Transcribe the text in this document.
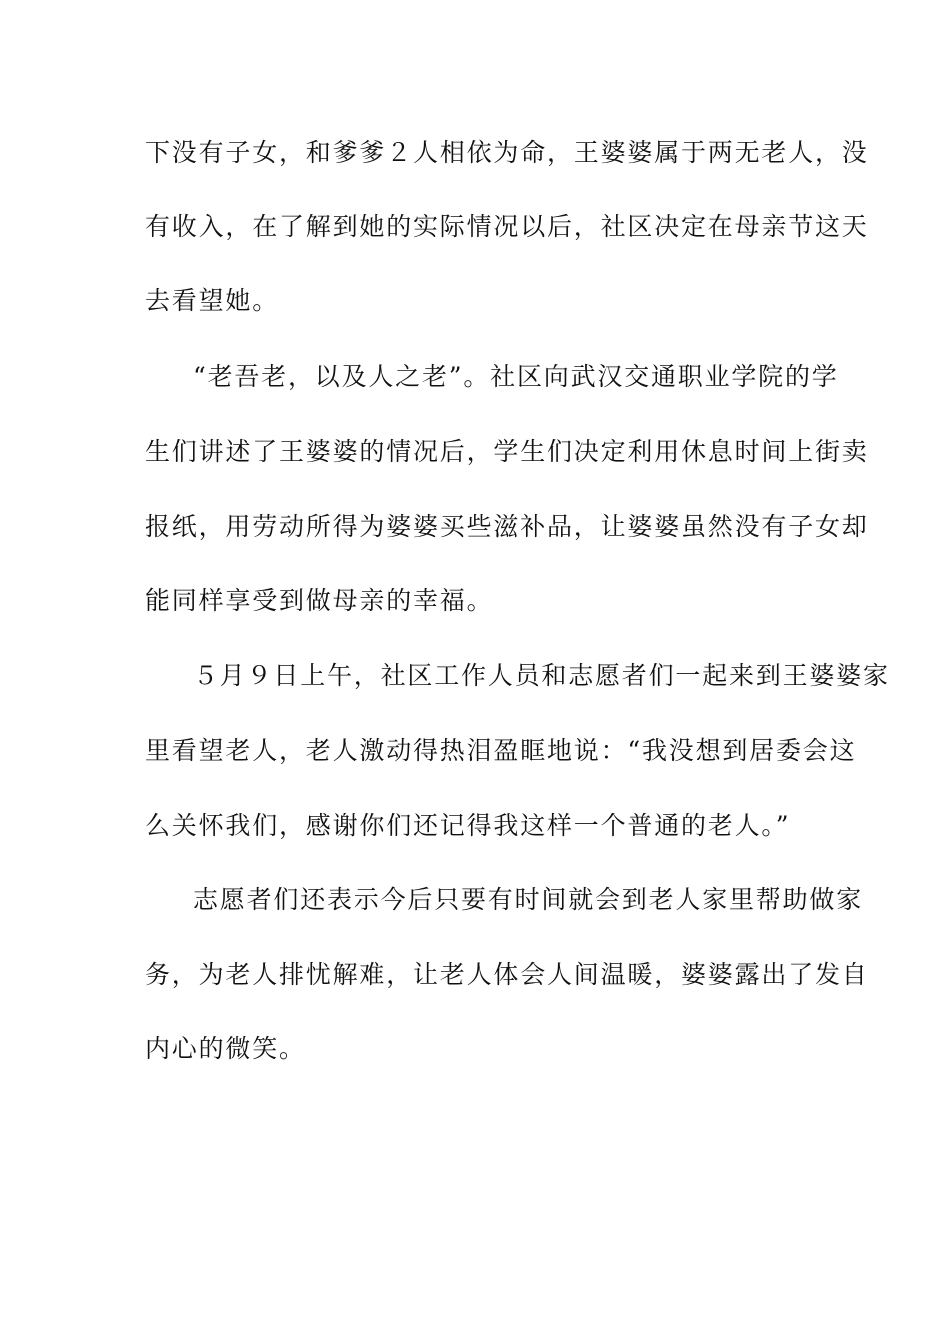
下没有子女，和爹爹２人相依为命，王婆婆属于两无老人，没
有收入，在了解到她的实际情况以后，社区决定在母亲节这天
去看望她。
“老吾老，以及人之老”。社区向武汉交通职业学院的学
生们讲述了王婆婆的情况后，学生们决定利用休息时间上街卖
报纸，用劳动所得为婆婆买些滋补品，让婆婆虽然没有子女却
能同样享受到做母亲的幸福。
５月９日上午，社区工作人员和志愿者们一起来到王婆婆家
里看望老人，老人激动得热泪盈眶地说：“我没想到居委会这
么关怀我们，感谢你们还记得我这样一个普通的老人。”
志愿者们还表示今后只要有时间就会到老人家里帮助做家
务，为老人排忧解难，让老人体会人间温暖，婆婆露出了发自
内心的微笑。
